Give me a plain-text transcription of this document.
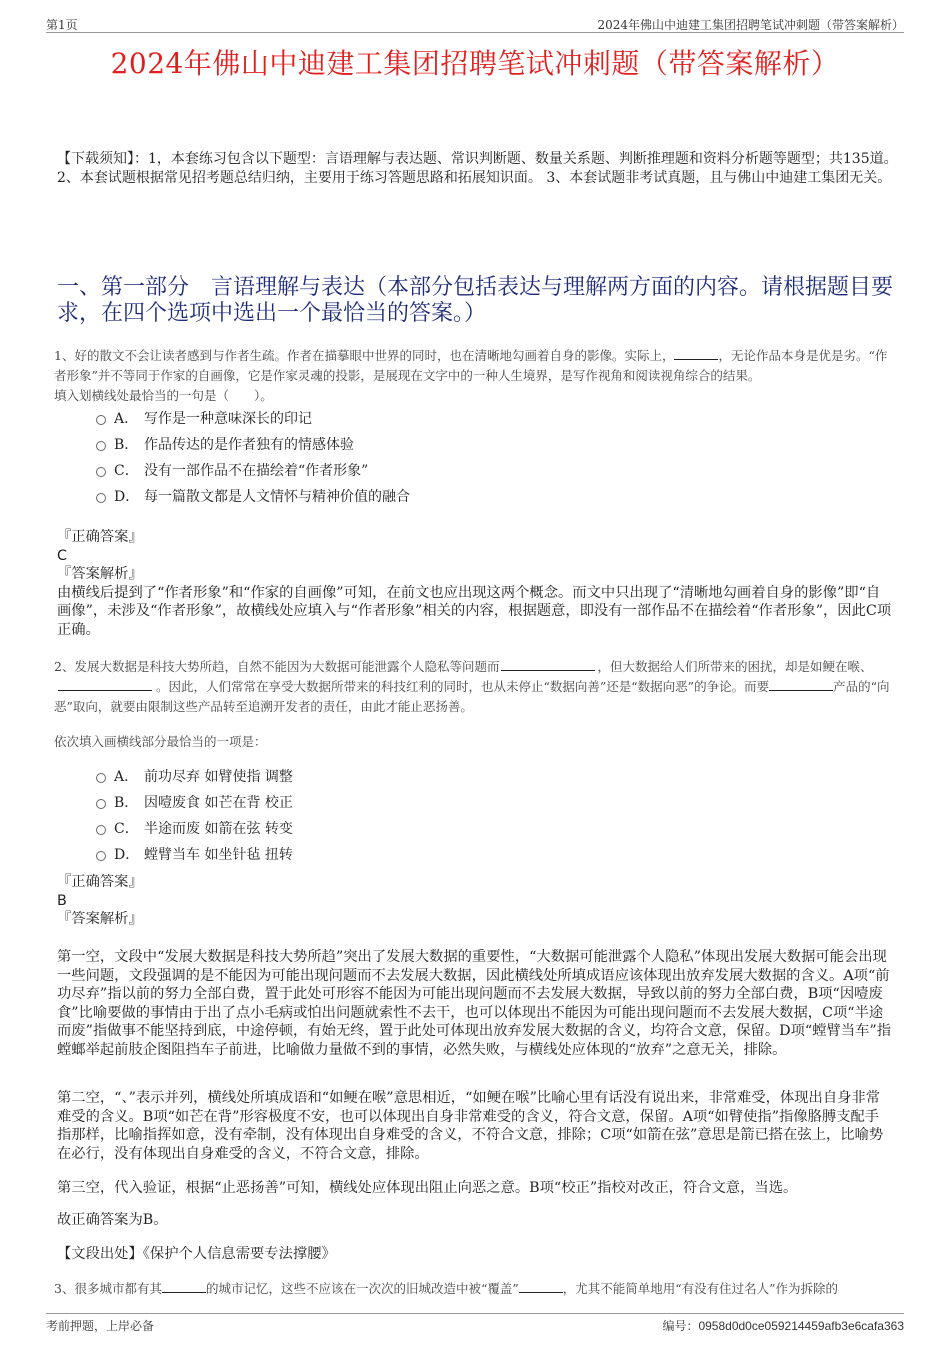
第1页	2024年佛山中迪建工集团招聘笔试冲刺题（带答案解析）
2024年佛山中迪建工集团招聘笔试冲刺题（带答案解析）
【下载须知】：1，本套练习包含以下题型：言语理解与表达题、常识判断题、数量关系题、判断推理题和资料分析题等题型；共135道。 2、本套试题根据常见招考题总结归纳，主要用于练习答题思路和拓展知识面。 3、本套试题非考试真题，且与佛山中迪建工集团无关。
一、第一部分　言语理解与表达（本部分包括表达与理解两方面的内容。请根据题目要求，在四个选项中选出一个最恰当的答案。）
1、好的散文不会让读者感到与作者生疏。作者在描摹眼中世界的同时，也在清晰地勾画着自身的影像。实际上，	，无论作品本身是优是劣。“作者形象”并不等同于作家的自画像，它是作家灵魂的投影，是展现在文字中的一种人生境界，是写作视角和阅读视角综合的结果。
填入划横线处最恰当的一句是（　　）。
A． 写作是一种意味深长的印记
B． 作品传达的是作者独有的情感体验
C． 没有一部作品不在描绘着“作者形象”
D． 每一篇散文都是人文情怀与精神价值的融合

『正确答案』

C

『答案解析』

由横线后提到了“作者形象”和“作家的自画像”可知，在前文也应出现这两个概念。而文中只出现了“清晰地勾画着自身的影像”即“自画像”，未涉及“作者形象”，故横线处应填入与“作者形象”相关的内容，根据题意，即没有一部作品不在描绘着“作者形象”，因此C项正确。

2、发展大数据是科技大势所趋，自然不能因为大数据可能泄露个人隐私等问题而	，但大数据给人们所带来的困扰，却是如鲠在喉、。因此，人们常常在享受大数据所带来的科技红利的同时，也从未停止“数据向善”还是“数据向恶”的争论。而要	产品的“向恶”取向，就要由限制这些产品转至追溯开发者的责任，由此才能止恶扬善。
依次填入画横线部分最恰当的一项是：
A． 前功尽弃 如臂使指 调整
B． 因噎废食 如芒在背 校正
C． 半途而废 如箭在弦 转变
D． 螳臂当车 如坐针毡 扭转

『正确答案』

B

『答案解析』

第一空，文段中“发展大数据是科技大势所趋”突出了发展大数据的重要性，“大数据可能泄露个人隐私”体现出发展大数据可能会出现一些问题，文段强调的是不能因为可能出现问题而不去发展大数据，因此横线处所填成语应该体现出放弃发展大数据的含义。A项“前功尽弃”指以前的努力全部白费，置于此处可形容不能因为可能出现问题而不去发展大数据，导致以前的努力全部白费，B项“因噎废食”比喻要做的事情由于出了点小毛病或怕出问题就索性不去干，也可以体现出不能因为可能出现问题而不去发展大数据，C项“半途而废”指做事不能坚持到底，中途停顿，有始无终，置于此处可体现出放弃发展大数据的含义，均符合文意，保留。D项“螳臂当车”指螳螂举起前肢企图阻挡车子前进，比喻做力量做不到的事情，必然失败，与横线处应体现的“放弃”之意无关，排除。
第二空，“、”表示并列，横线处所填成语和“如鲠在喉”意思相近，“如鲠在喉”比喻心里有话没有说出来，非常难受，体现出自身非常难受的含义。B项“如芒在背”形容极度不安，也可以体现出自身非常难受的含义，符合文意，保留。A项“如臂使指”指像胳膊支配手指那样，比喻指挥如意，没有牵制，没有体现出自身难受的含义，不符合文意，排除；C项“如箭在弦”意思是箭已搭在弦上，比喻势在必行，没有体现出自身难受的含义，不符合文意，排除。
第三空，代入验证，根据“止恶扬善”可知，横线处应体现出阻止向恶之意。B项“校正”指校对改正，符合文意，当选。
故正确答案为B。
【文段出处】《保护个人信息需要专法撑腰》
3、很多城市都有其	的城市记忆，这些不应该在一次次的旧城改造中被“覆盖”	，尤其不能简单地用“有没有住过名人”作为拆除的
考前押题，上岸必备	编号：0958d0d0ce059214459afb3e6cafa363
